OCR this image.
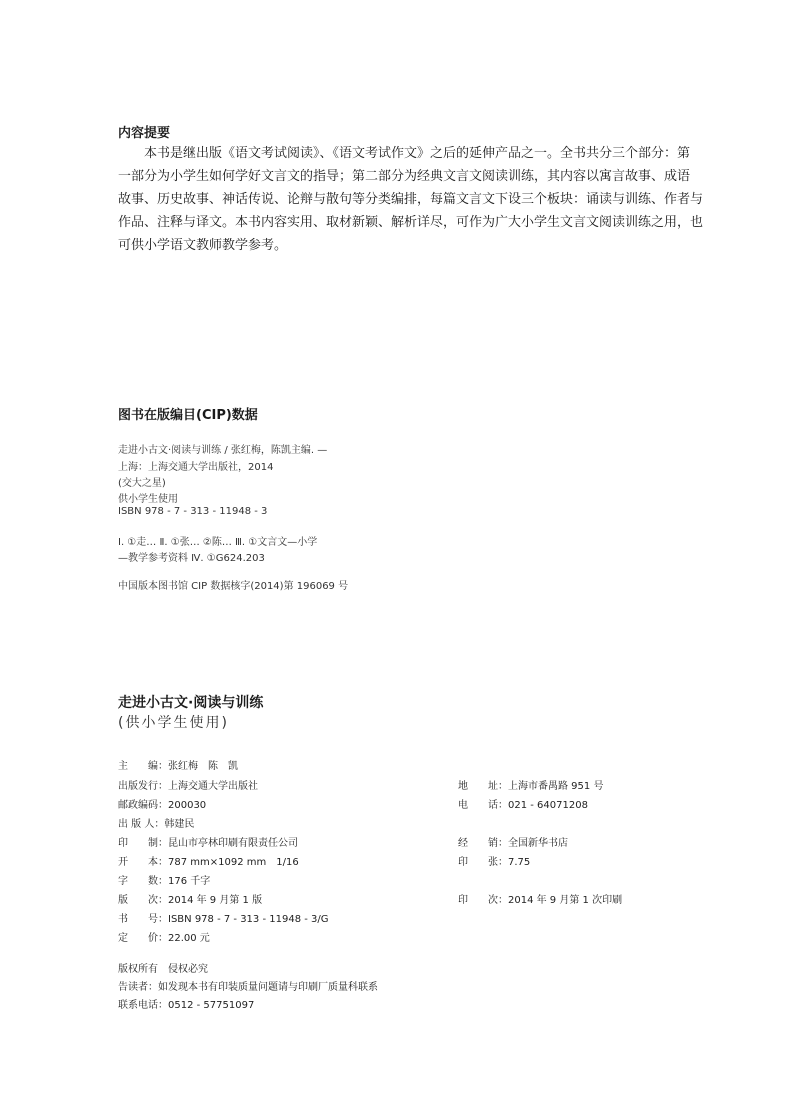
内容提要
　　本书是继出版《语文考试阅读》、《语文考试作文》之后的延伸产品之一。全书共分三个部分：第
一部分为小学生如何学好文言文的指导；第二部分为经典文言文阅读训练，其内容以寓言故事、成语
故事、历史故事、神话传说、论辩与散句等分类编排，每篇文言文下设三个板块：诵读与训练、作者与
作品、注释与译文。本书内容实用、取材新颖、解析详尽，可作为广大小学生文言文阅读训练之用，也
可供小学语文教师教学参考。
图书在版编目(CIP)数据
走进小古文·阅读与训练 / 张红梅，陈凯主编. —
上海：上海交通大学出版社，2014
(交大之星)
供小学生使用
ISBN 978 - 7 - 313 - 11948 - 3
Ⅰ. ①走… Ⅱ. ①张… ②陈… Ⅲ. ①文言文—小学
—教学参考资料 Ⅳ. ①G624.203
中国版本图书馆 CIP 数据核字(2014)第 196069 号
走进小古文·阅读与训练
(供小学生使用)
主　　编：张红梅　陈　凯
出版发行：上海交通大学出版社
邮政编码：200030
出 版 人：韩建民
印　　制：昆山市亭林印刷有限责任公司
开　　本：787 mm×1092 mm　1/16
字　　数：176 千字
版　　次：2014 年 9 月第 1 版
书　　号：ISBN 978 - 7 - 313 - 11948 - 3/G
定　　价：22.00 元
地　　址：上海市番禺路 951 号
电　　话：021 - 64071208
经　　销：全国新华书店
印　　张：7.75
印　　次：2014 年 9 月第 1 次印刷
版权所有　侵权必究
告读者：如发现本书有印装质量问题请与印刷厂质量科联系
联系电话：0512 - 57751097
